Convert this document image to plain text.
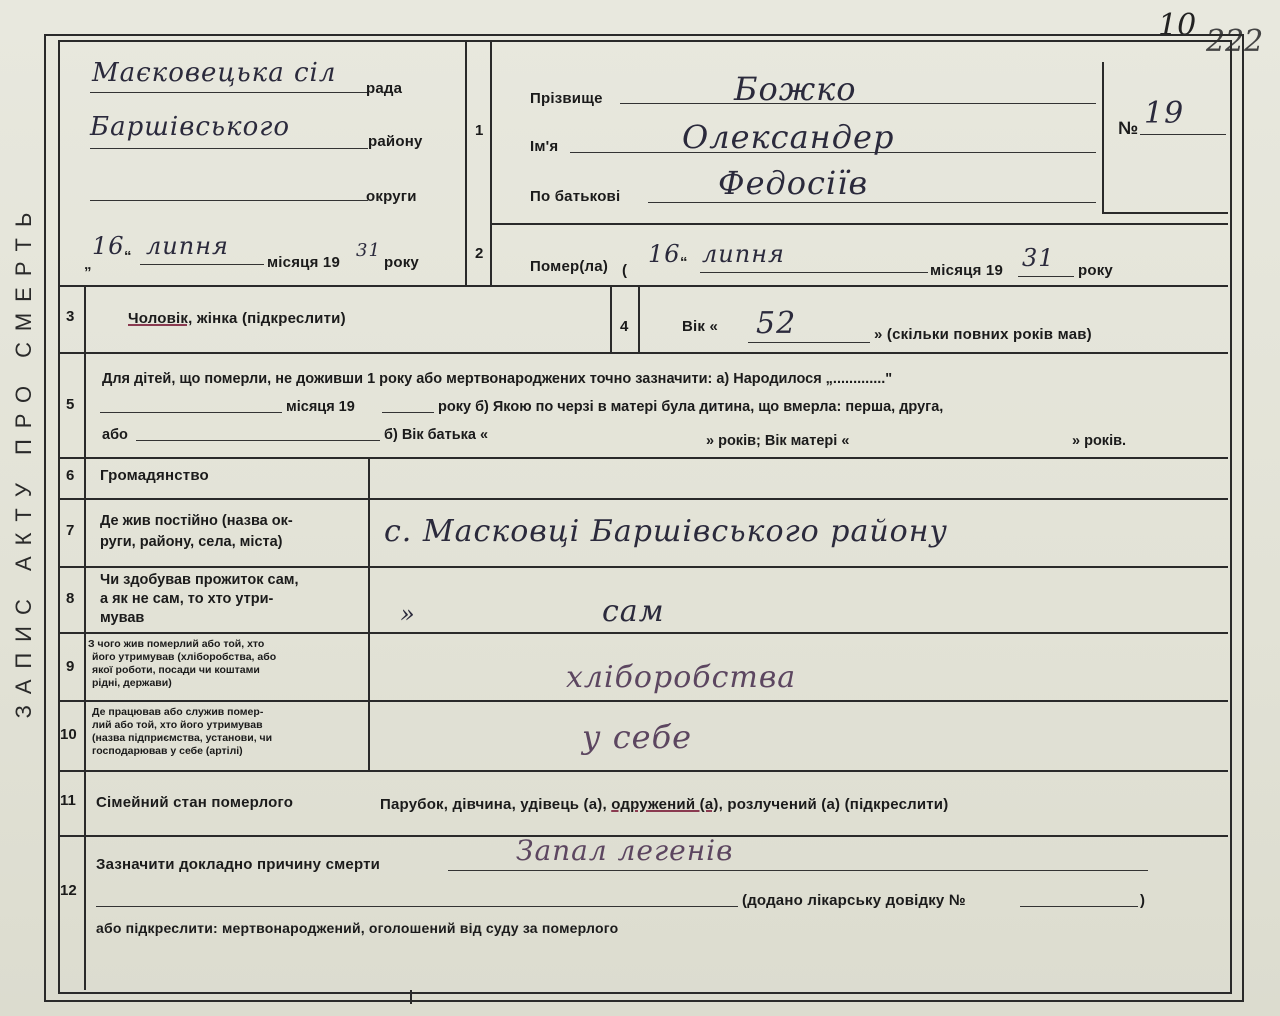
10 222
ЗАПИС АКТУ ПРО СМЕРТЬ
1
2
3
4
5
6
7
8
9
10
11
12
Маєковецька сіл
рада
Баршівського	району
округи
„
16 “ липня
місяця 19
31
року
Прізвище	Божко
Ім'я	Олександер
По батькові	Федосіїв
№ 19
Помер(ла) (
16 “ липня
місяця 19 31 року
Чоловік, жінка (підкреслити)	Вік « 52	» (скільки повних років мав)
Для дітей, що померли, не доживши 1 року або мертвонароджених точно зазначити: а) Народилося „............."
місяця 19	року б) Якою по черзі в матері була дитина, що вмерла: перша, друга,
або	б) Вік батька «	» років; Вік матері «	» років.
Громадянство
Де жив постійно (назва ок-
руги, району, села, міста)	с. Масковці Баршівського району
Чи здобував прожиток сам,
а як не сам, то хто утри-
мував	»	сам
З чого жив померлий або той, хто
його утримував (хліборобства, або
якої роботи, посади чи коштами
рідні, держави)	хліборобства
Де працював або служив помер-
лий або той, хто його утримував
(назва підприємства, установи, чи
господарював у себе (артілі)	у себе
Сімейний стан померлого	Парубок, дівчина, удівець (а), одружений (а), розлучений (а) (підкреслити)
Зазначити докладно причину смерти	Запал легенів
(додано лікарську довідку №	)
або підкреслити: мертвонароджений, оголошений від суду за померлого
